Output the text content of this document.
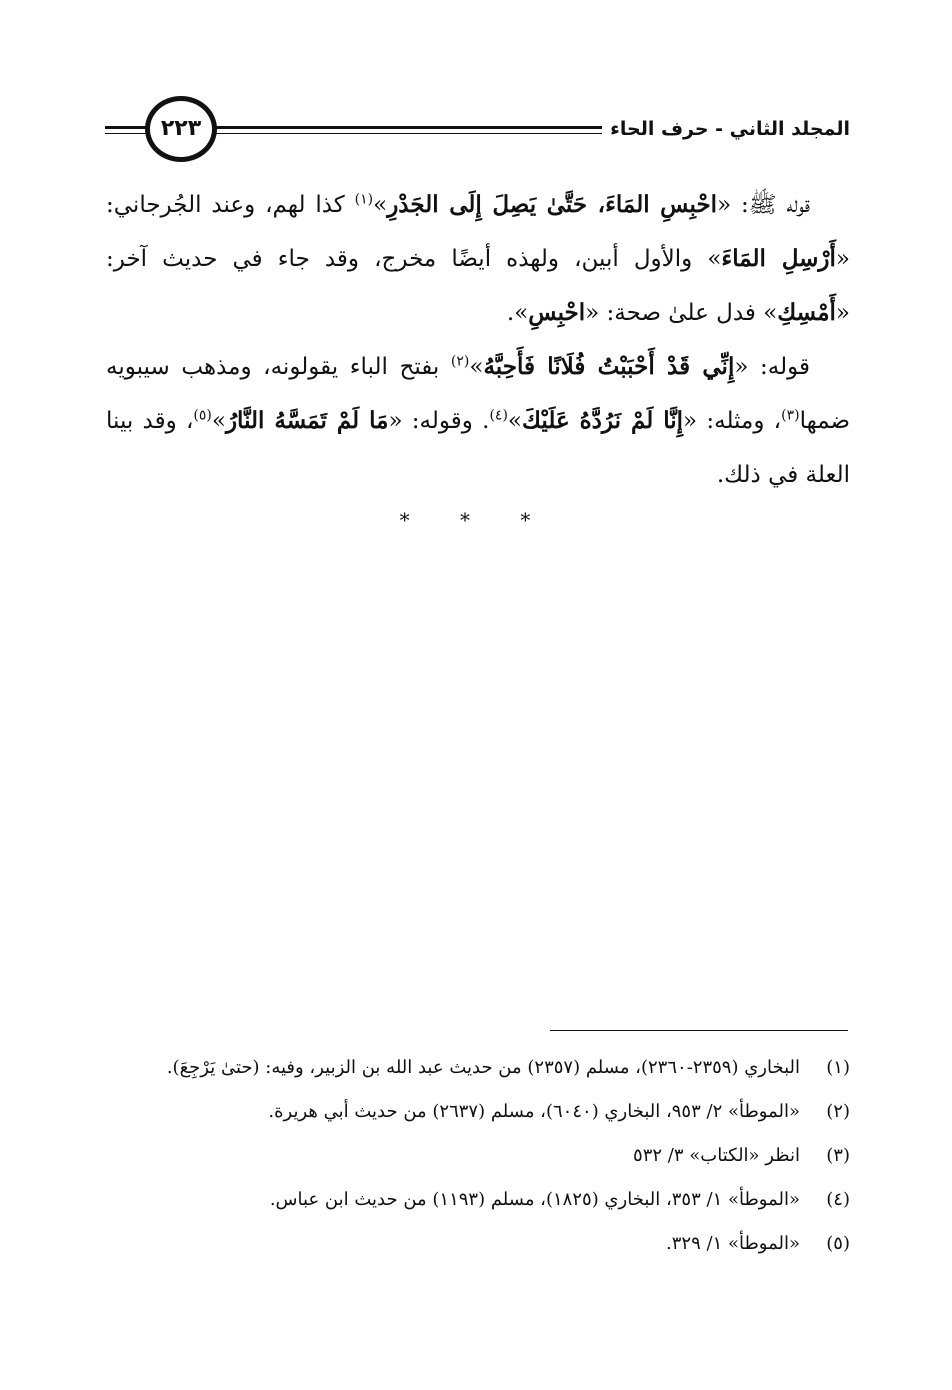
المجلد الثاني - حرف الحاء
٢٢٣

قوله ﷺ: «احْبِسِ المَاءَ، حَتَّىٰ يَصِلَ إِلَى الجَدْرِ»$^{(١)}$ كذا لهم، وعند الجُرجاني: «أَرْسِلِ المَاءَ» والأول أبين، ولهذه أيضًا مخرج، وقد جاء في حديث آخر: «أَمْسِكِ» فدل علىٰ صحة: «احْبِسِ».

قوله: «إِنِّي قَدْ أَحْبَبْتُ فُلَانًا فَأَحِبَّهُ»$^{(٢)}$ بفتح الباء يقولونه، ومذهب سيبويه ضمها$^{(٣)}$، ومثله: «إِنَّا لَمْ نَرُدَّهُ عَلَيْكَ»$^{(٤)}$. وقوله: «مَا لَمْ تَمَسَّهُ النَّارُ»$^{(٥)}$، وقد بينا العلة في ذلك.

* * *
(١)
البخاري (٢٣٥٩-٢٣٦٠)، مسلم (٢٣٥٧) من حديث عبد الله بن الزبير، وفيه: (حتىٰ يَرْجِعَ).
(٢)
«الموطأ» ٢/ ٩٥٣، البخاري (٦٠٤٠)، مسلم (٢٦٣٧) من حديث أبي هريرة.
(٣)
انظر «الكتاب» ٣/ ٥٣٢
(٤)
«الموطأ» ١/ ٣٥٣، البخاري (١٨٢٥)، مسلم (١١٩٣) من حديث ابن عباس.
(٥)
«الموطأ» ١/ ٣٢٩.
